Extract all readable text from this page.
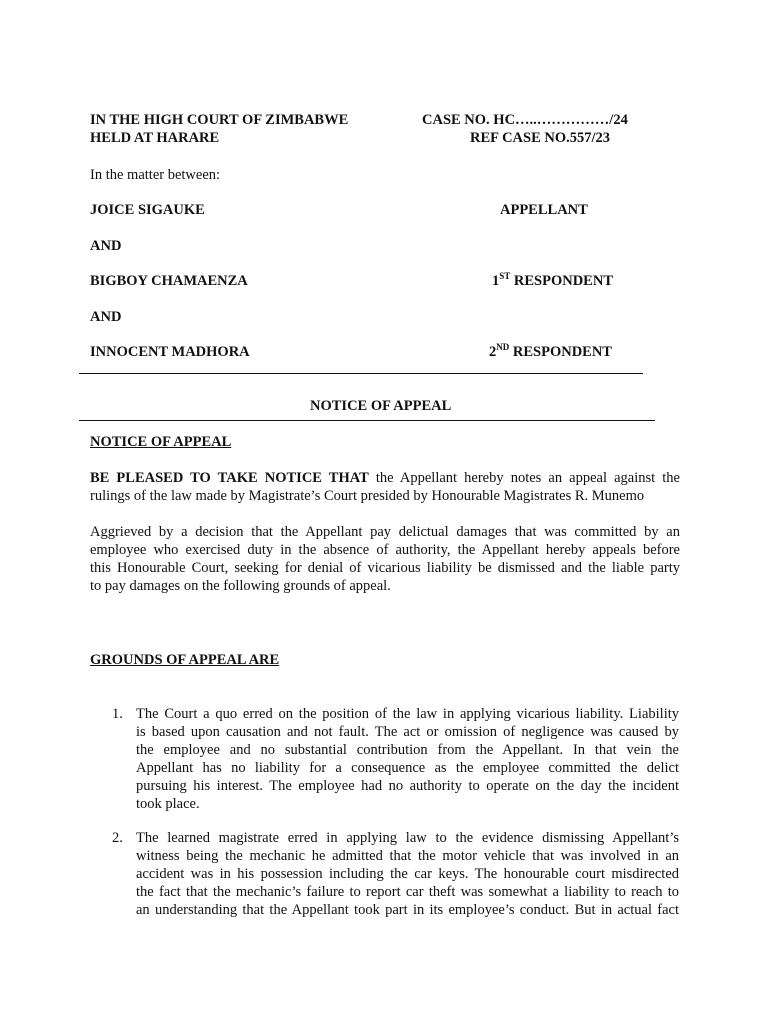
IN THE HIGH COURT OF ZIMBABWE
HELD AT HARARE
CASE NO. HC…..……………/24
REF CASE NO.557/23
In the matter between:
JOICE SIGAUKE	APPELLANT
AND
BIGBOY CHAMAENZA	1ST RESPONDENT
AND
INNOCENT MADHORA	2ND RESPONDENT
NOTICE OF APPEAL
NOTICE OF APPEAL
BE PLEASED TO TAKE NOTICE THAT the Appellant hereby notes an appeal against the
rulings of the law made by Magistrate’s Court presided by Honourable Magistrates R. Munemo
Aggrieved by a decision that the Appellant pay delictual damages that was committed by an
employee who exercised duty in the absence of authority, the Appellant hereby appeals before
this Honourable Court, seeking for denial of vicarious liability be dismissed and the liable party
to pay damages on the following grounds of appeal.
GROUNDS OF APPEAL ARE
1. The Court a quo erred on the position of the law in applying vicarious liability. Liability
is based upon causation and not fault. The act or omission of negligence was caused by
the employee and no substantial contribution from the Appellant. In that vein the
Appellant has no liability for a consequence as the employee committed the delict
pursuing his interest. The employee had no authority to operate on the day the incident
took place.
2. The learned magistrate erred in applying law to the evidence dismissing Appellant’s
witness being the mechanic he admitted that the motor vehicle that was involved in an
accident was in his possession including the car keys. The honourable court misdirected
the fact that the mechanic’s failure to report car theft was somewhat a liability to reach to
an understanding that the Appellant took part in its employee’s conduct. But in actual fact
